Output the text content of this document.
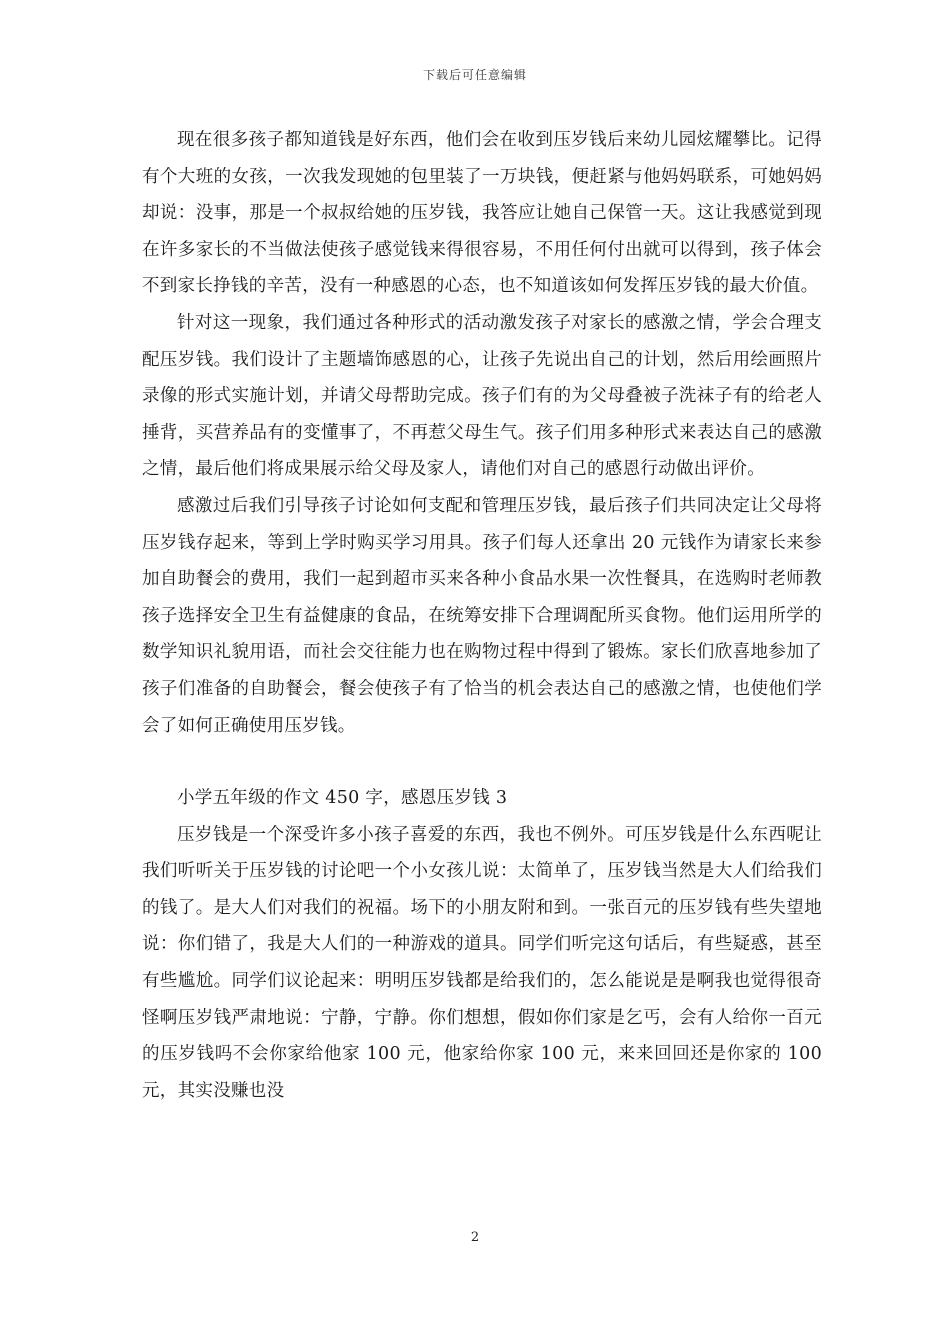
下载后可任意编辑

现在很多孩子都知道钱是好东西，他们会在收到压岁钱后来幼儿园炫耀攀比。记得有个大班的女孩，一次我发现她的包里装了一万块钱，便赶紧与他妈妈联系，可她妈妈却说：没事，那是一个叔叔给她的压岁钱，我答应让她自己保管一天。这让我感觉到现在许多家长的不当做法使孩子感觉钱来得很容易，不用任何付出就可以得到，孩子体会不到家长挣钱的辛苦，没有一种感恩的心态，也不知道该如何发挥压岁钱的最大价值。

针对这一现象，我们通过各种形式的活动激发孩子对家长的感激之情，学会合理支配压岁钱。我们设计了主题墙饰感恩的心，让孩子先说出自己的计划，然后用绘画照片录像的形式实施计划，并请父母帮助完成。孩子们有的为父母叠被子洗袜子有的给老人捶背，买营养品有的变懂事了，不再惹父母生气。孩子们用多种形式来表达自己的感激之情，最后他们将成果展示给父母及家人，请他们对自己的感恩行动做出评价。

感激过后我们引导孩子讨论如何支配和管理压岁钱，最后孩子们共同决定让父母将压岁钱存起来，等到上学时购买学习用具。孩子们每人还拿出 20 元钱作为请家长来参加自助餐会的费用，我们一起到超市买来各种小食品水果一次性餐具，在选购时老师教孩子选择安全卫生有益健康的食品，在统筹安排下合理调配所买食物。他们运用所学的数学知识礼貌用语，而社会交往能力也在购物过程中得到了锻炼。家长们欣喜地参加了孩子们准备的自助餐会，餐会使孩子有了恰当的机会表达自己的感激之情，也使他们学会了如何正确使用压岁钱。

小学五年级的作文 450 字，感恩压岁钱 3

压岁钱是一个深受许多小孩子喜爱的东西，我也不例外。可压岁钱是什么东西呢让我们听听关于压岁钱的讨论吧一个小女孩儿说：太简单了，压岁钱当然是大人们给我们的钱了。是大人们对我们的祝福。场下的小朋友附和到。一张百元的压岁钱有些失望地说：你们错了，我是大人们的一种游戏的道具。同学们听完这句话后，有些疑惑，甚至有些尴尬。同学们议论起来：明明压岁钱都是给我们的，怎么能说是是啊我也觉得很奇怪啊压岁钱严肃地说：宁静，宁静。你们想想，假如你们家是乞丐，会有人给你一百元的压岁钱吗不会你家给他家 100 元，他家给你家 100 元，来来回回还是你家的 100 元，其实没赚也没

2
